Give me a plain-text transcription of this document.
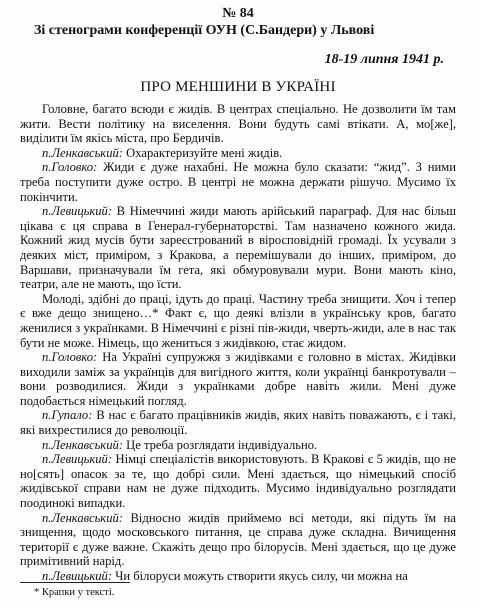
№ 84

Зі стенограми конференції ОУН (С.Бандери) у Львові

18-19 липня 1941 р.

ПРО МЕНШИНИ В УКРАЇНІ

Головне, багато всюди є жидів. В центрах спеціально. Не дозволити їм там жити. Вести політику на виселення. Вони будуть самі втікати. А, мо[же], виділити їм якісь міста, про Бердичів.

п.Ленкавський: Охарактеризуйте мені жидів.

п.Головко: Жиди є дуже нахабні. Не можна було сказати: “жид”. З ними треба поступити дуже остро. В центрі не можна держати рішучо. Мусимо їх покінчити.

п.Левицький: В Німеччині жиди мають арійський параграф. Для нас більш цікава є ця справа в Генерал-губернаторстві. Там назначено кожного жида. Кожний жид мусів бути зареєстрований в віросповідній громаді. Їх усували з деяких міст, приміром, з Кракова, а перемішували до інших, приміром, до Варшави, призначували їм гета, які обмуровували мури. Вони мають кіно, театри, але не мають, що їсти.

Молоді, здібні до праці, ідуть до праці. Частину треба знищити. Хоч і тепер є вже дещо знищено…* Факт є, що деякі влізли в українську кров, багато женилися з українками. В Німеччині є різні пів-жиди, чверть-жиди, але в нас так бути не може. Німець, що жениться з жидівкою, стає жидом.

п.Головко: На Україні супружжя з жидівками є головно в містах. Жидівки виходили заміж за українців для вигідного життя, коли українці банкротували – вони розводилися. Жиди з українками добре навіть жили. Мені дуже подобається німецький погляд.

п.Гупало: В нас є багато працівників жидів, яких навіть поважають, є і такі, які вихрестилися до революції.

п.Ленкавський: Це треба розглядати індивідуально.

п.Левицький: Німці спеціалістів використовують. В Кракові є 5 жидів, що не но[сять] опасок за те, що добрі сили. Мені здається, що німецький спосіб жидівської справи нам не дуже підходить. Мусимо індивідуально розглядати поодинокі випадки.

п.Ленкавський: Відносно жидів приймемо всі методи, які підуть їм на знищення, щодо московського питання, це справа дуже складна. Вичищення території є дуже важне. Скажіть дещо про білорусів. Мені здається, що це дуже примітивний нарід.

п.Левицький: Чи білоруси можуть створити якусь силу, чи можна на

* Крапки у тексті.
